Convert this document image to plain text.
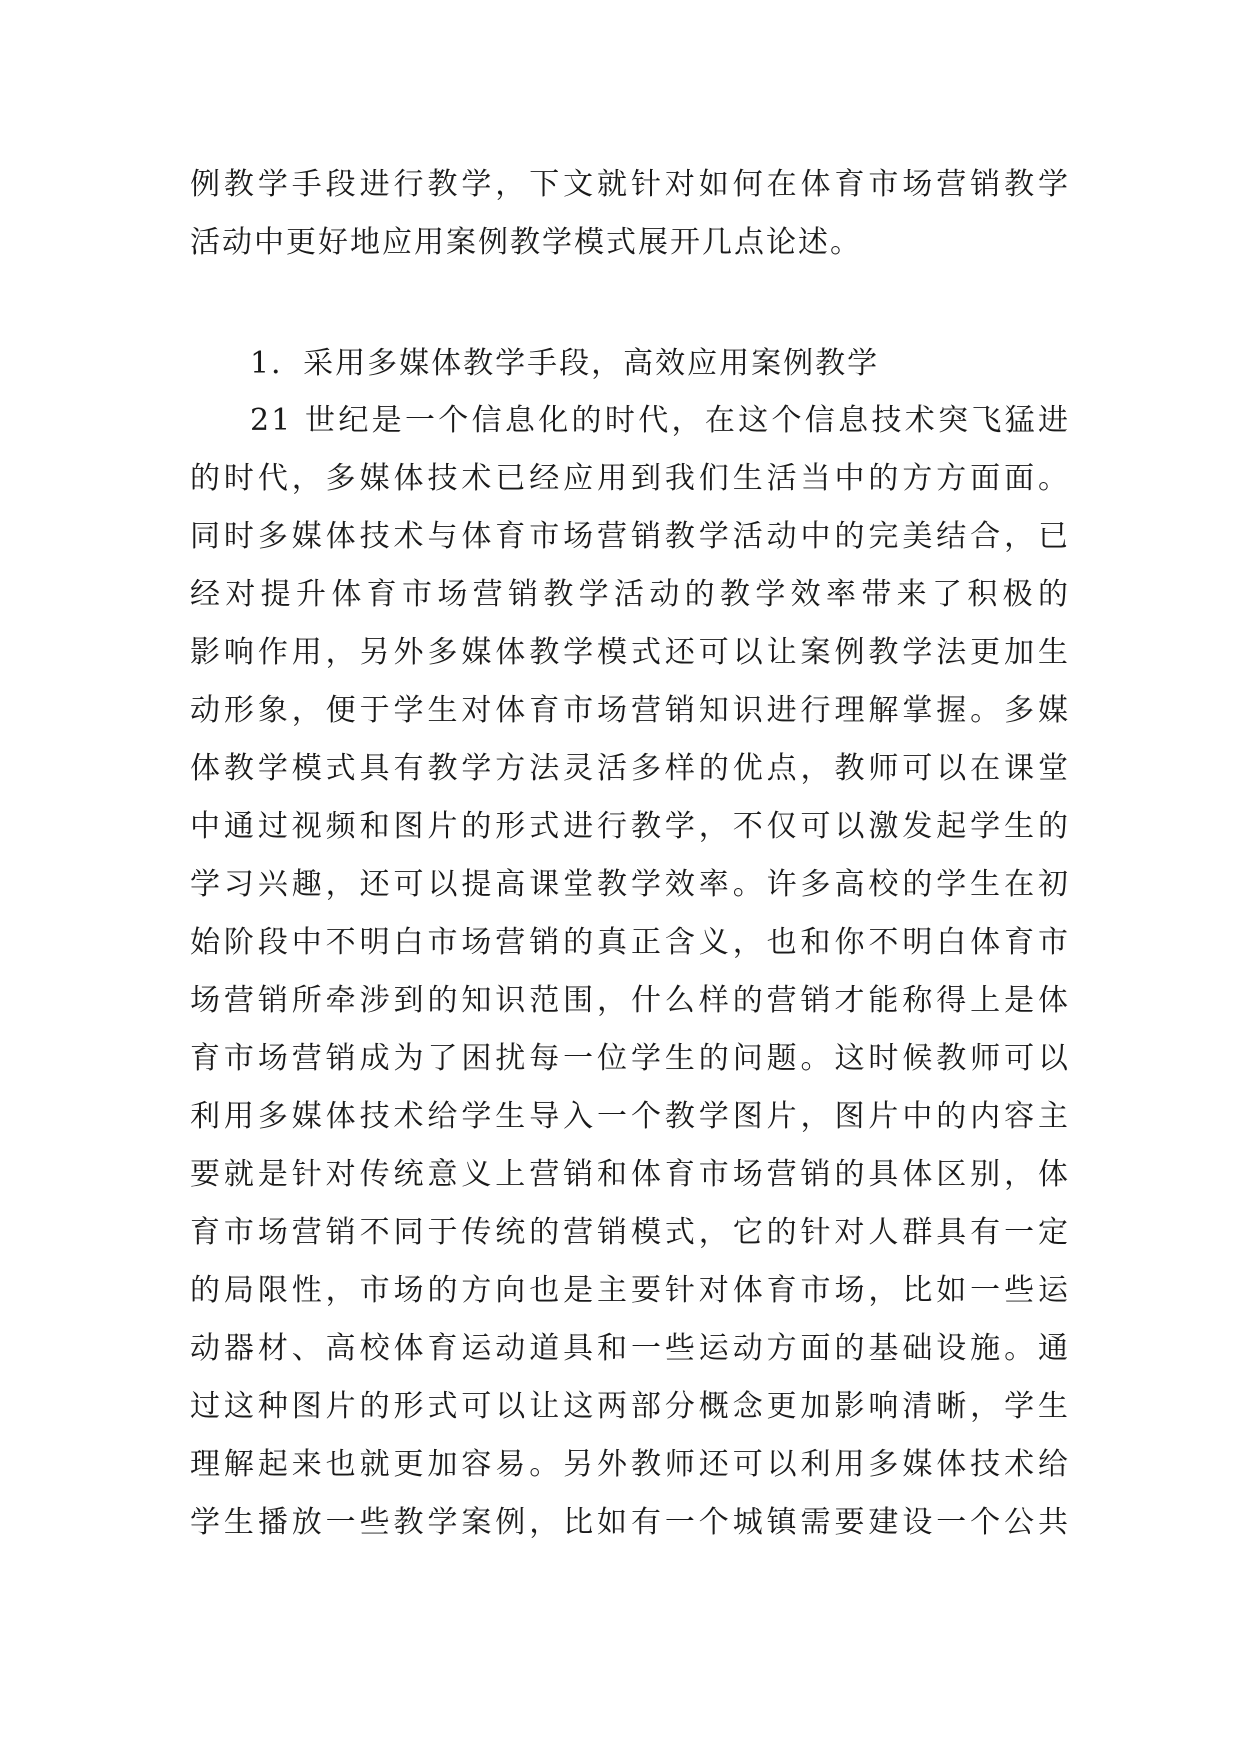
例教学手段进行教学，下文就针对如何在体育市场营销教学
活动中更好地应用案例教学模式展开几点论述。
1．采用多媒体教学手段，高效应用案例教学
21 世纪是一个信息化的时代，在这个信息技术突飞猛进
的时代，多媒体技术已经应用到我们生活当中的方方面面。
同时多媒体技术与体育市场营销教学活动中的完美结合，已
经对提升体育市场营销教学活动的教学效率带来了积极的
影响作用，另外多媒体教学模式还可以让案例教学法更加生
动形象，便于学生对体育市场营销知识进行理解掌握。多媒
体教学模式具有教学方法灵活多样的优点，教师可以在课堂
中通过视频和图片的形式进行教学，不仅可以激发起学生的
学习兴趣，还可以提高课堂教学效率。许多高校的学生在初
始阶段中不明白市场营销的真正含义，也和你不明白体育市
场营销所牵涉到的知识范围，什么样的营销才能称得上是体
育市场营销成为了困扰每一位学生的问题。这时候教师可以
利用多媒体技术给学生导入一个教学图片，图片中的内容主
要就是针对传统意义上营销和体育市场营销的具体区别，体
育市场营销不同于传统的营销模式，它的针对人群具有一定
的局限性，市场的方向也是主要针对体育市场，比如一些运
动器材、高校体育运动道具和一些运动方面的基础设施。通
过这种图片的形式可以让这两部分概念更加影响清晰，学生
理解起来也就更加容易。另外教师还可以利用多媒体技术给
学生播放一些教学案例，比如有一个城镇需要建设一个公共
